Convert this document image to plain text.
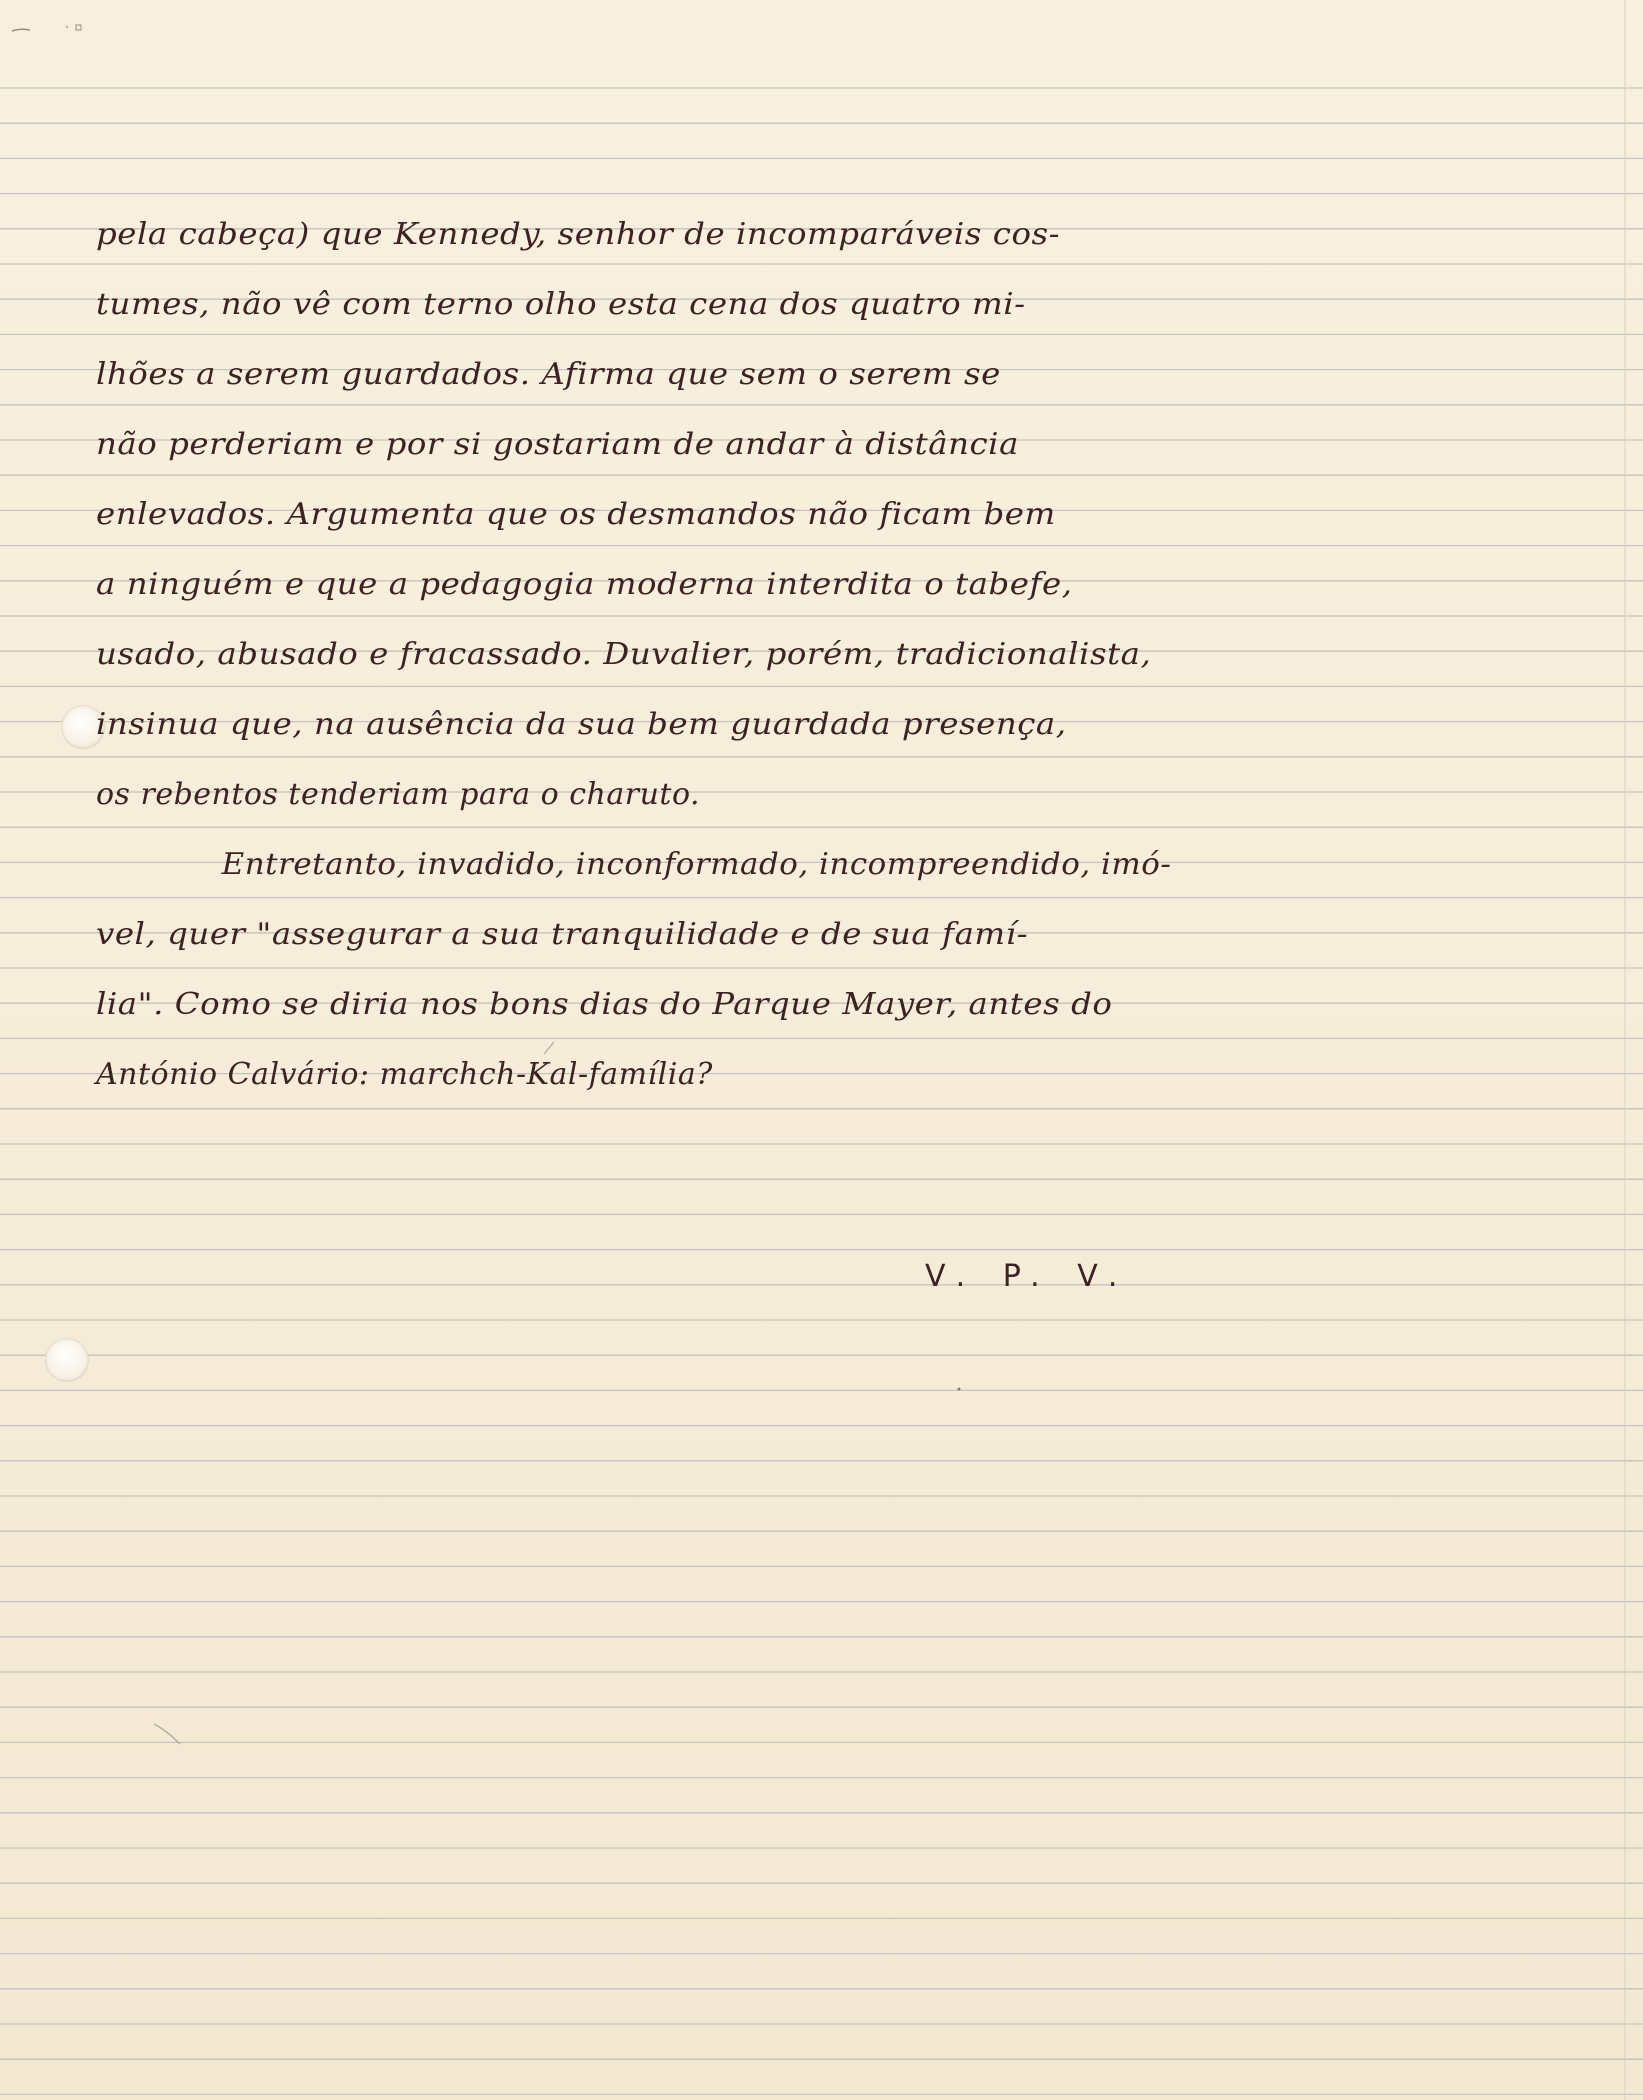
pela cabeça) que Kennedy, senhor de incomparáveis cos-
tumes, não vê com terno olho esta cena dos quatro mi-
lhões a serem guardados. Afirma que sem o serem se
não perderiam e por si gostariam de andar à distância
enlevados. Argumenta que os desmandos não ficam bem
a ninguém e que a pedagogia moderna interdita o tabefe,
usado, abusado e fracassado. Duvalier, porém, tradicionalista,
insinua que, na ausência da sua bem guardada presença,
os rebentos tenderiam para o charuto.
Entretanto, invadido, inconformado, incompreendido, imó-
vel, quer "assegurar a sua tranquilidade e de sua famí-
lia". Como se diria nos bons dias do Parque Mayer, antes do
António Calvário: marchch-Kal-família?

V. P. V.
